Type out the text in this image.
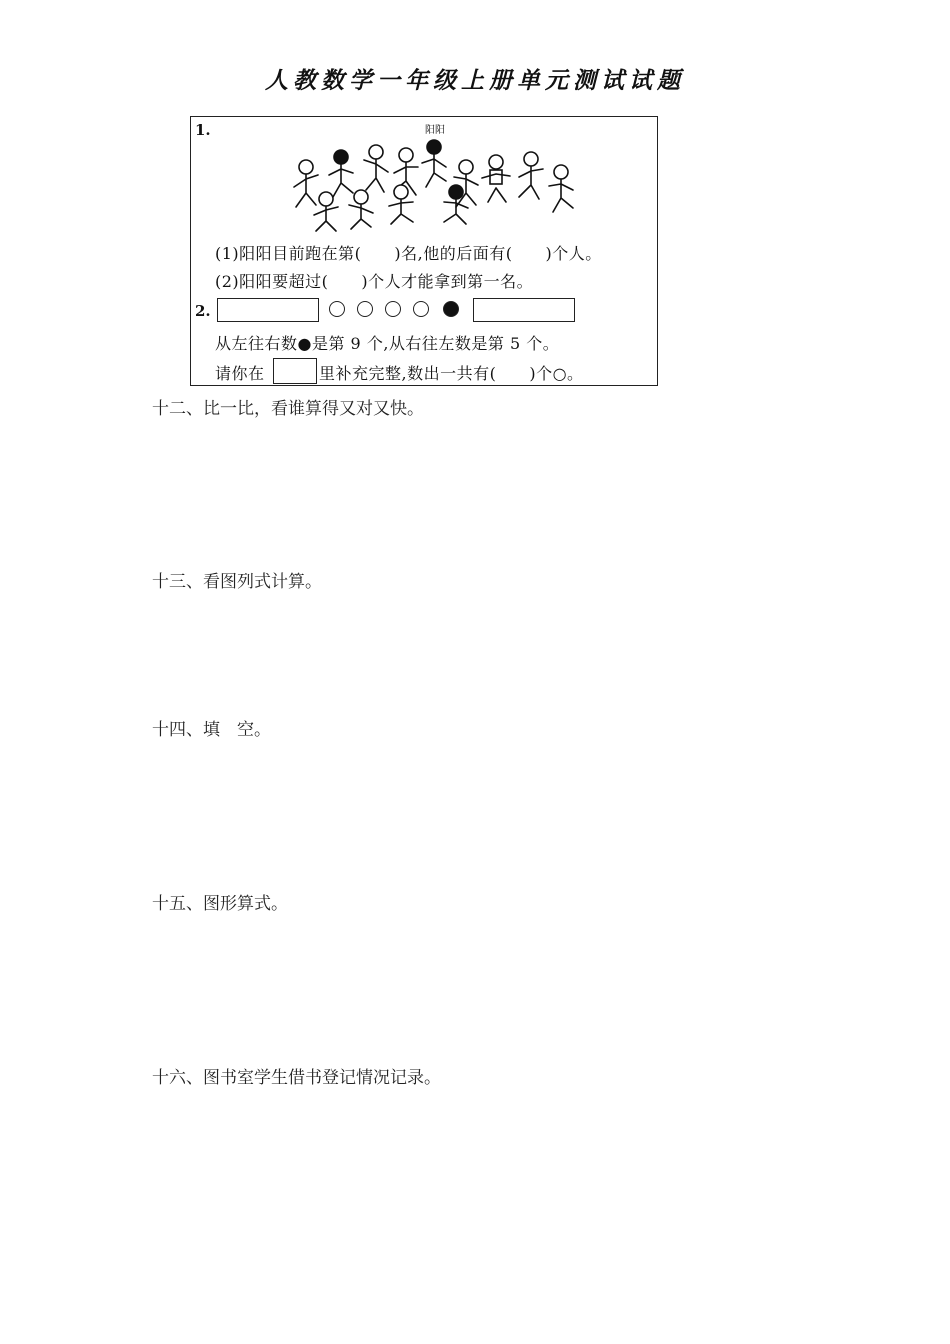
人教数学一年级上册单元测试试题
1.	阳阳
(1)阳阳目前跑在第(　　)名,他的后面有(　　)个人。
(2)阳阳要超过(　　)个人才能拿到第一名。
2.
从左往右数●是第 9 个,从右往左数是第 5 个。
请你在	里补充完整,数出一共有(　　)个○。
十二、比一比，看谁算得又对又快。
十三、看图列式计算。
十四、填　空。
十五、图形算式。
十六、图书室学生借书登记情况记录。
